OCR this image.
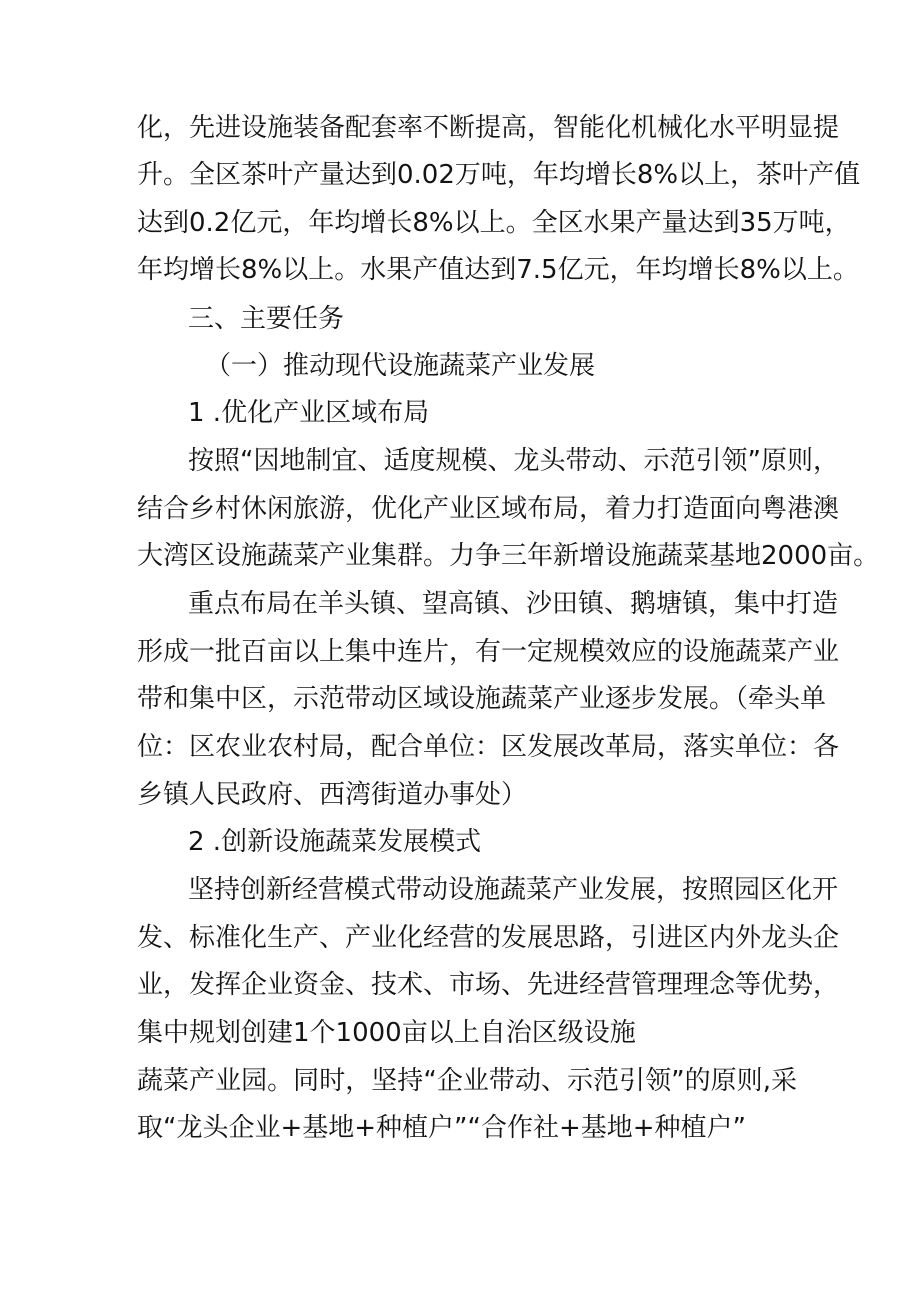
化，先进设施装备配套率不断提高，智能化机械化水平明显提

升。全区茶叶产量达到0.02万吨，年均增长8%以上，茶叶产值

达到0.2亿元，年均增长8%以上。全区水果产量达到35万吨，

年均增长8%以上。水果产值达到7.5亿元，年均增长8%以上。

三、主要任务

（一）推动现代设施蔬菜产业发展

1 .优化产业区域布局

按照“因地制宜、适度规模、龙头带动、示范引领”原则，

结合乡村休闲旅游，优化产业区域布局，着力打造面向粤港澳

大湾区设施蔬菜产业集群。力争三年新增设施蔬菜基地2000亩。

重点布局在羊头镇、望高镇、沙田镇、鹅塘镇，集中打造

形成一批百亩以上集中连片，有一定规模效应的设施蔬菜产业

带和集中区，示范带动区域设施蔬菜产业逐步发展。（牵头单

位：区农业农村局，配合单位：区发展改革局，落实单位：各

乡镇人民政府、西湾街道办事处）

2 .创新设施蔬菜发展模式

坚持创新经营模式带动设施蔬菜产业发展，按照园区化开

发、标准化生产、产业化经营的发展思路，引进区内外龙头企

业，发挥企业资金、技术、市场、先进经营管理理念等优势，

集中规划创建1个1000亩以上自治区级设施

蔬菜产业园。同时，坚持“企业带动、示范引领”的原则,采

取“龙头企业+基地+种植户”“合作社+基地+种植户”
